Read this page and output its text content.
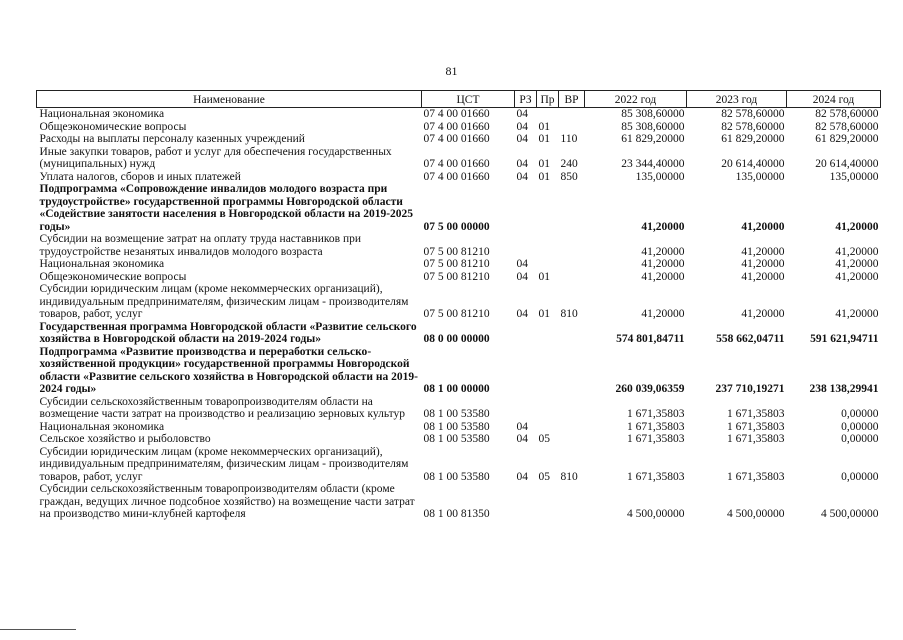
81
Наименование	ЦСТ	РЗ	Пр	ВР	2022 год	2023 год	2024 год
Национальная экономика	07 4 00 01660	04			85 308,60000	82 578,60000	82 578,60000
Общеэкономические вопросы	07 4 00 01660	04	01		85 308,60000	82 578,60000	82 578,60000
Расходы на выплаты персоналу казенных учреждений	07 4 00 01660	04	01	110	61 829,20000	61 829,20000	61 829,20000
Иные закупки товаров, работ и услуг для обеспечения государственных (муниципальных) нужд	07 4 00 01660	04	01	240	23 344,40000	20 614,40000	20 614,40000
Уплата налогов, сборов и иных платежей	07 4 00 01660	04	01	850	135,00000	135,00000	135,00000
Подпрограмма «Сопровождение инвалидов молодого возраста при трудоустройстве» государственной программы Новгородской области «Содействие занятости населения в Новгородской области на 2019-2025 годы»	07 5 00 00000				41,20000	41,20000	41,20000
Субсидии на возмещение затрат на оплату труда наставников при трудоустройстве незанятых инвалидов молодого возраста	07 5 00 81210				41,20000	41,20000	41,20000
Национальная экономика	07 5 00 81210	04			41,20000	41,20000	41,20000
Общеэкономические вопросы	07 5 00 81210	04	01		41,20000	41,20000	41,20000
Субсидии юридическим лицам (кроме некоммерческих организаций), индивидуальным предпринимателям, физическим лицам - производителям товаров, работ, услуг	07 5 00 81210	04	01	810	41,20000	41,20000	41,20000
Государственная программа Новгородской области «Развитие сельского хозяйства в Новгородской области на 2019-2024 годы»	08 0 00 00000				574 801,84711	558 662,04711	591 621,94711
Подпрограмма «Развитие производства и переработки сельскохозяйственной продукции» государственной программы Новгородской области «Развитие сельского хозяйства в Новгородской области на 2019-2024 годы»	08 1 00 00000				260 039,06359	237 710,19271	238 138,29941
Субсидии сельскохозяйственным товаропроизводителям области на возмещение части затрат на производство и реализацию зерновых культур	08 1 00 53580				1 671,35803	1 671,35803	0,00000
Национальная экономика	08 1 00 53580	04			1 671,35803	1 671,35803	0,00000
Сельское хозяйство и рыболовство	08 1 00 53580	04	05		1 671,35803	1 671,35803	0,00000
Субсидии юридическим лицам (кроме некоммерческих организаций), индивидуальным предпринимателям, физическим лицам - производителям товаров, работ, услуг	08 1 00 53580	04	05	810	1 671,35803	1 671,35803	0,00000
Субсидии сельскохозяйственным товаропроизводителям области (кроме граждан, ведущих личное подсобное хозяйство) на возмещение части затрат на производство мини-клубней картофеля	08 1 00 81350				4 500,00000	4 500,00000	4 500,00000
